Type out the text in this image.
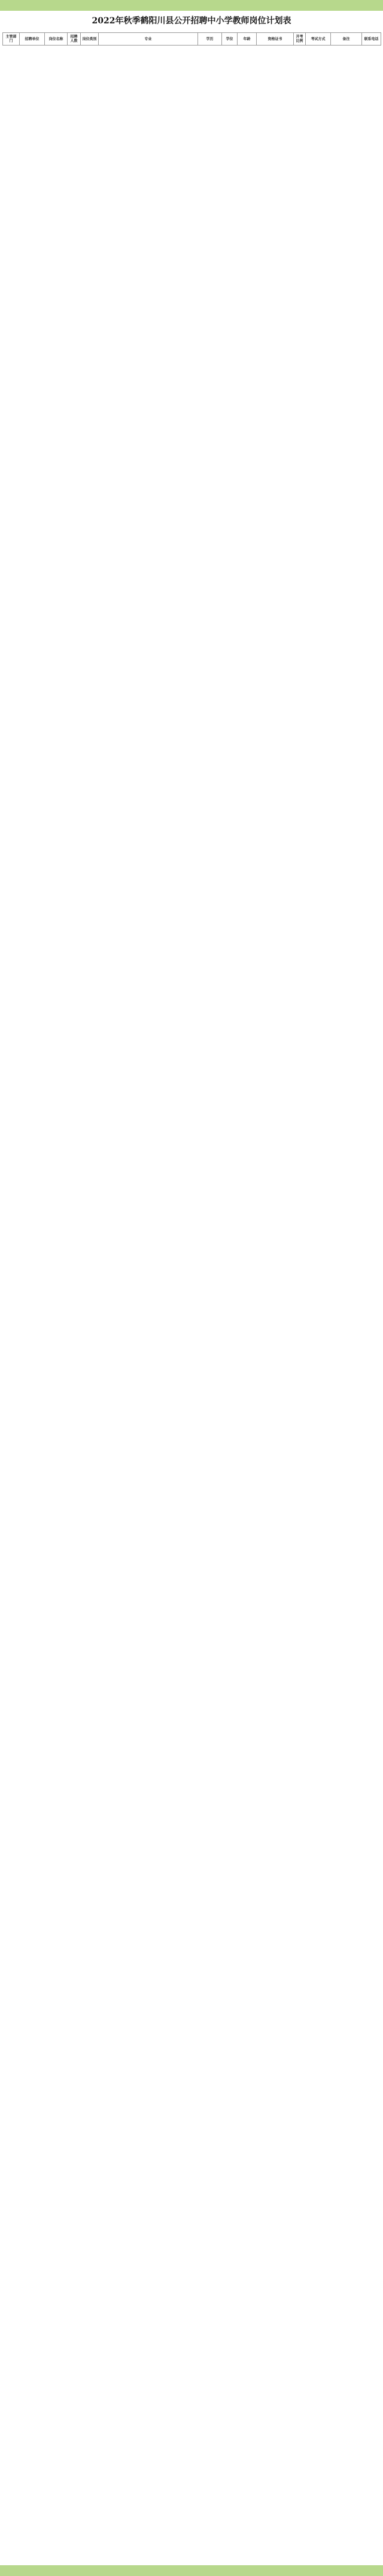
2022年秋季鹤阳川县公开招聘中小学教师岗位计划表
主管部门	招聘单位	岗位名称	招聘人数	岗位类别	专业	学历	学位	年龄	资格证书	开考比例	考试方式	备注	联系电话
